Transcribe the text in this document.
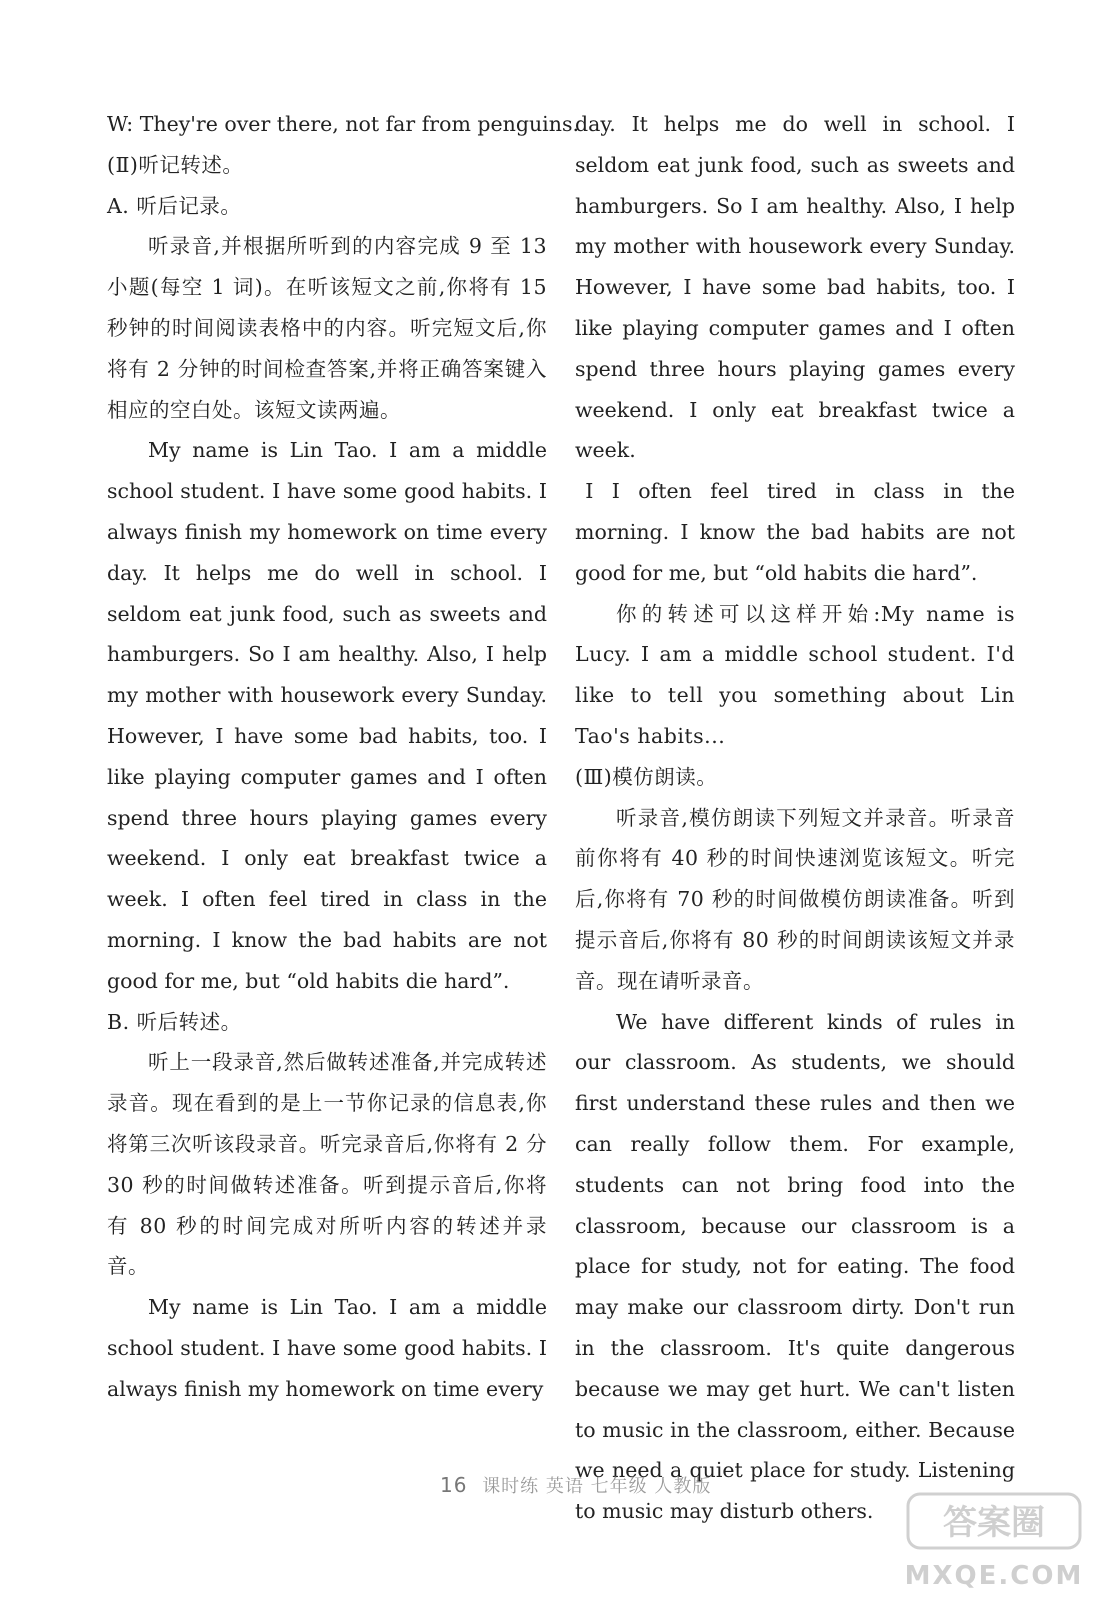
W: They're over there, not far from penguins.

(Ⅱ)听记转述。

A. 听后记录。

听录音,并根据所听到的内容完成 9 至 13 小题(每空 1 词)。在听该短文之前,你将有 15 秒钟的时间阅读表格中的内容。听完短文后,你将有 2 分钟的时间检查答案,并将正确答案键入相应的空白处。该短文读两遍。

My name is Lin Tao. I am a middle school student. I have some good habits. I always finish my homework on time every day. It helps me do well in school. I seldom eat junk food, such as sweets and hamburgers. So I am healthy. Also, I help my mother with housework every Sunday. However, I have some bad habits, too. I like playing computer games and I often spend three hours playing games every weekend. I only eat breakfast twice a week. I often feel tired in class in the morning. I know the bad habits are not good for me, but “old habits die hard”.

B. 听后转述。

听上一段录音,然后做转述准备,并完成转述录音。现在看到的是上一节你记录的信息表,你将第三次听该段录音。听完录音后,你将有 2 分 30 秒的时间做转述准备。听到提示音后,你将有 80 秒的时间完成对所听内容的转述并录音。

My name is Lin Tao. I am a middle school student. I have some good habits. I always finish my homework on time every

day. It helps me do well in school. I seldom eat junk food, such as sweets and hamburgers. So I am healthy. Also, I help my mother with housework every Sunday. However, I have some bad habits, too. I like playing computer games and I often spend three hours playing games every weekend. I only eat breakfast twice a week.

I I often feel tired in class in the morning. I know the bad habits are not good for me, but “old habits die hard”.

你的转述可以这样开始:My name is Lucy. I am a middle school student. I'd like to tell you something about Lin Tao's habits...

(Ⅲ)模仿朗读。

听录音,模仿朗读下列短文并录音。听录音前你将有 40 秒的时间快速浏览该短文。听完后,你将有 70 秒的时间做模仿朗读准备。听到提示音后,你将有 80 秒的时间朗读该短文并录音。现在请听录音。

We have different kinds of rules in our classroom. As students, we should first understand these rules and then we can really follow them. For example, students can not bring food into the classroom, because our classroom is a place for study, not for eating. The food may make our classroom dirty. Don't run in the classroom. It's quite dangerous because we may get hurt. We can't listen to music in the classroom, either. Because we need a quiet place for study. Listening to music may disturb others.

16 课时练 英语 七年级 人教版
答案圈
MXQE.COM
